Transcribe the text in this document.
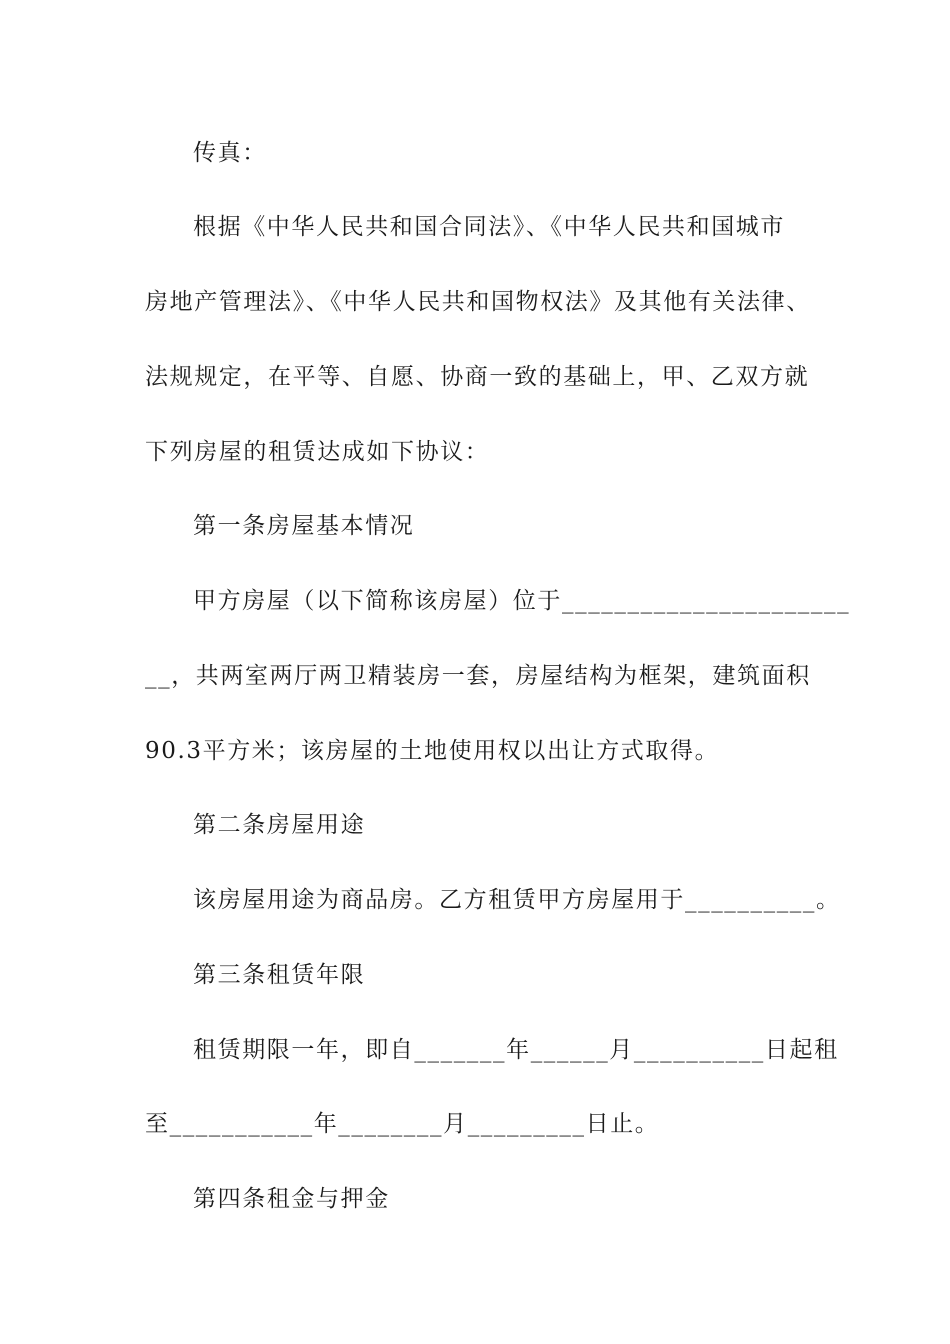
传真：
根据《中华人民共和国合同法》、《中华人民共和国城市
房地产管理法》、《中华人民共和国物权法》及其他有关法律、
法规规定，在平等、自愿、协商一致的基础上，甲、乙双方就
下列房屋的租赁达成如下协议：
第一条房屋基本情况
甲方房屋（以下简称该房屋）位于______________________
__，共两室两厅两卫精装房一套，房屋结构为框架，建筑面积
90.3平方米；该房屋的土地使用权以出让方式取得。
第二条房屋用途
该房屋用途为商品房。乙方租赁甲方房屋用于__________。
第三条租赁年限
租赁期限一年，即自_______年______月__________日起租
至___________年________月_________日止。
第四条租金与押金
